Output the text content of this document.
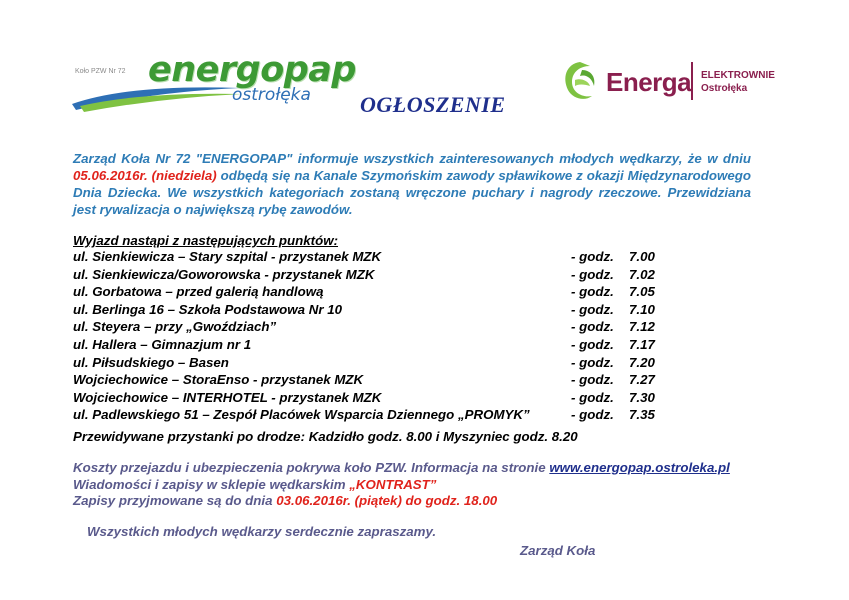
Koło PZW Nr 72 energopap
ostrołęka	Energa ELEKTROWNIE
Ostrołęka
OGŁOSZENIE
Zarząd Koła Nr 72 "ENERGOPAP" informuje wszystkich zainteresowanych młodych wędkarzy, że w dniu 05.06.2016r. (niedziela) odbędą się na Kanale Szymońskim zawody spławikowe z okazji Międzynarodowego Dnia Dziecka. We wszystkich kategoriach zostaną wręczone puchary i nagrody rzeczowe. Przewidziana jest rywalizacja o największą rybę zawodów.
Wyjazd nastąpi z następujących punktów:
ul. Sienkiewicza – Stary szpital - przystanek MZK	- godz. 7.00
ul. Sienkiewicza/Goworowska - przystanek MZK	- godz. 7.02
ul. Gorbatowa – przed galerią handlową	- godz. 7.05
ul. Berlinga 16 – Szkoła Podstawowa Nr 10	- godz. 7.10
ul. Steyera – przy „Gwoździach”	- godz. 7.12
ul. Hallera – Gimnazjum nr 1	- godz. 7.17
ul. Piłsudskiego – Basen	- godz. 7.20
Wojciechowice – StoraEnso - przystanek MZK	- godz. 7.27
Wojciechowice – INTERHOTEL - przystanek MZK	- godz. 7.30
ul. Padlewskiego 51 – Zespół Placówek Wsparcia Dziennego „PROMYK”	- godz. 7.35
Przewidywane przystanki po drodze: Kadzidło godz. 8.00 i Myszyniec godz. 8.20
Koszty przejazdu i ubezpieczenia pokrywa koło PZW. Informacja na stronie www.energopap.ostroleka.pl
Wiadomości i zapisy w sklepie wędkarskim „KONTRAST”
Zapisy przyjmowane są do dnia 03.06.2016r. (piątek) do godz. 18.00
Wszystkich młodych wędkarzy serdecznie zapraszamy.
Zarząd Koła
